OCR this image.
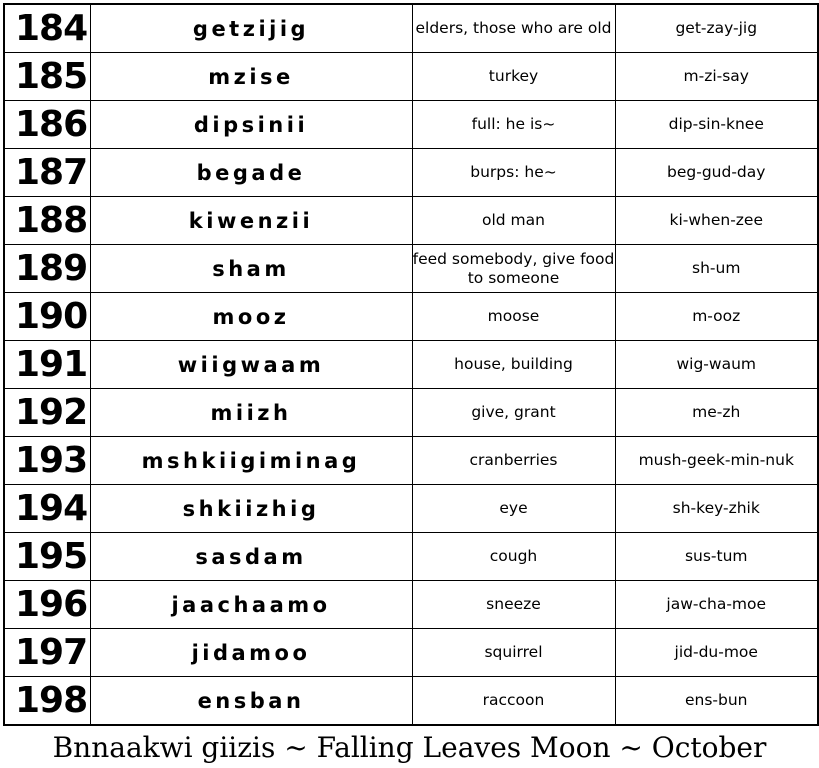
184	getzijig	elders, those who are old	get-zay-jig
185	mzise	turkey	m-zi-say
186	dipsinii	full: he is~	dip-sin-knee
187	begade	burps: he~	beg-gud-day
188	kiwenzii	old man	ki-when-zee
189	sham	feed somebody, give food to someone	sh-um
190	mooz	moose	m-ooz
191	wiigwaam	house, building	wig-waum
192	miizh	give, grant	me-zh
193	mshkiigiminag	cranberries	mush-geek-min-nuk
194	shkiizhig	eye	sh-key-zhik
195	sasdam	cough	sus-tum
196	jaachaamo	sneeze	jaw-cha-moe
197	jidamoo	squirrel	jid-du-moe
198	ensban	raccoon	ens-bun
Bnnaakwi giizis ~ Falling Leaves Moon ~ October
